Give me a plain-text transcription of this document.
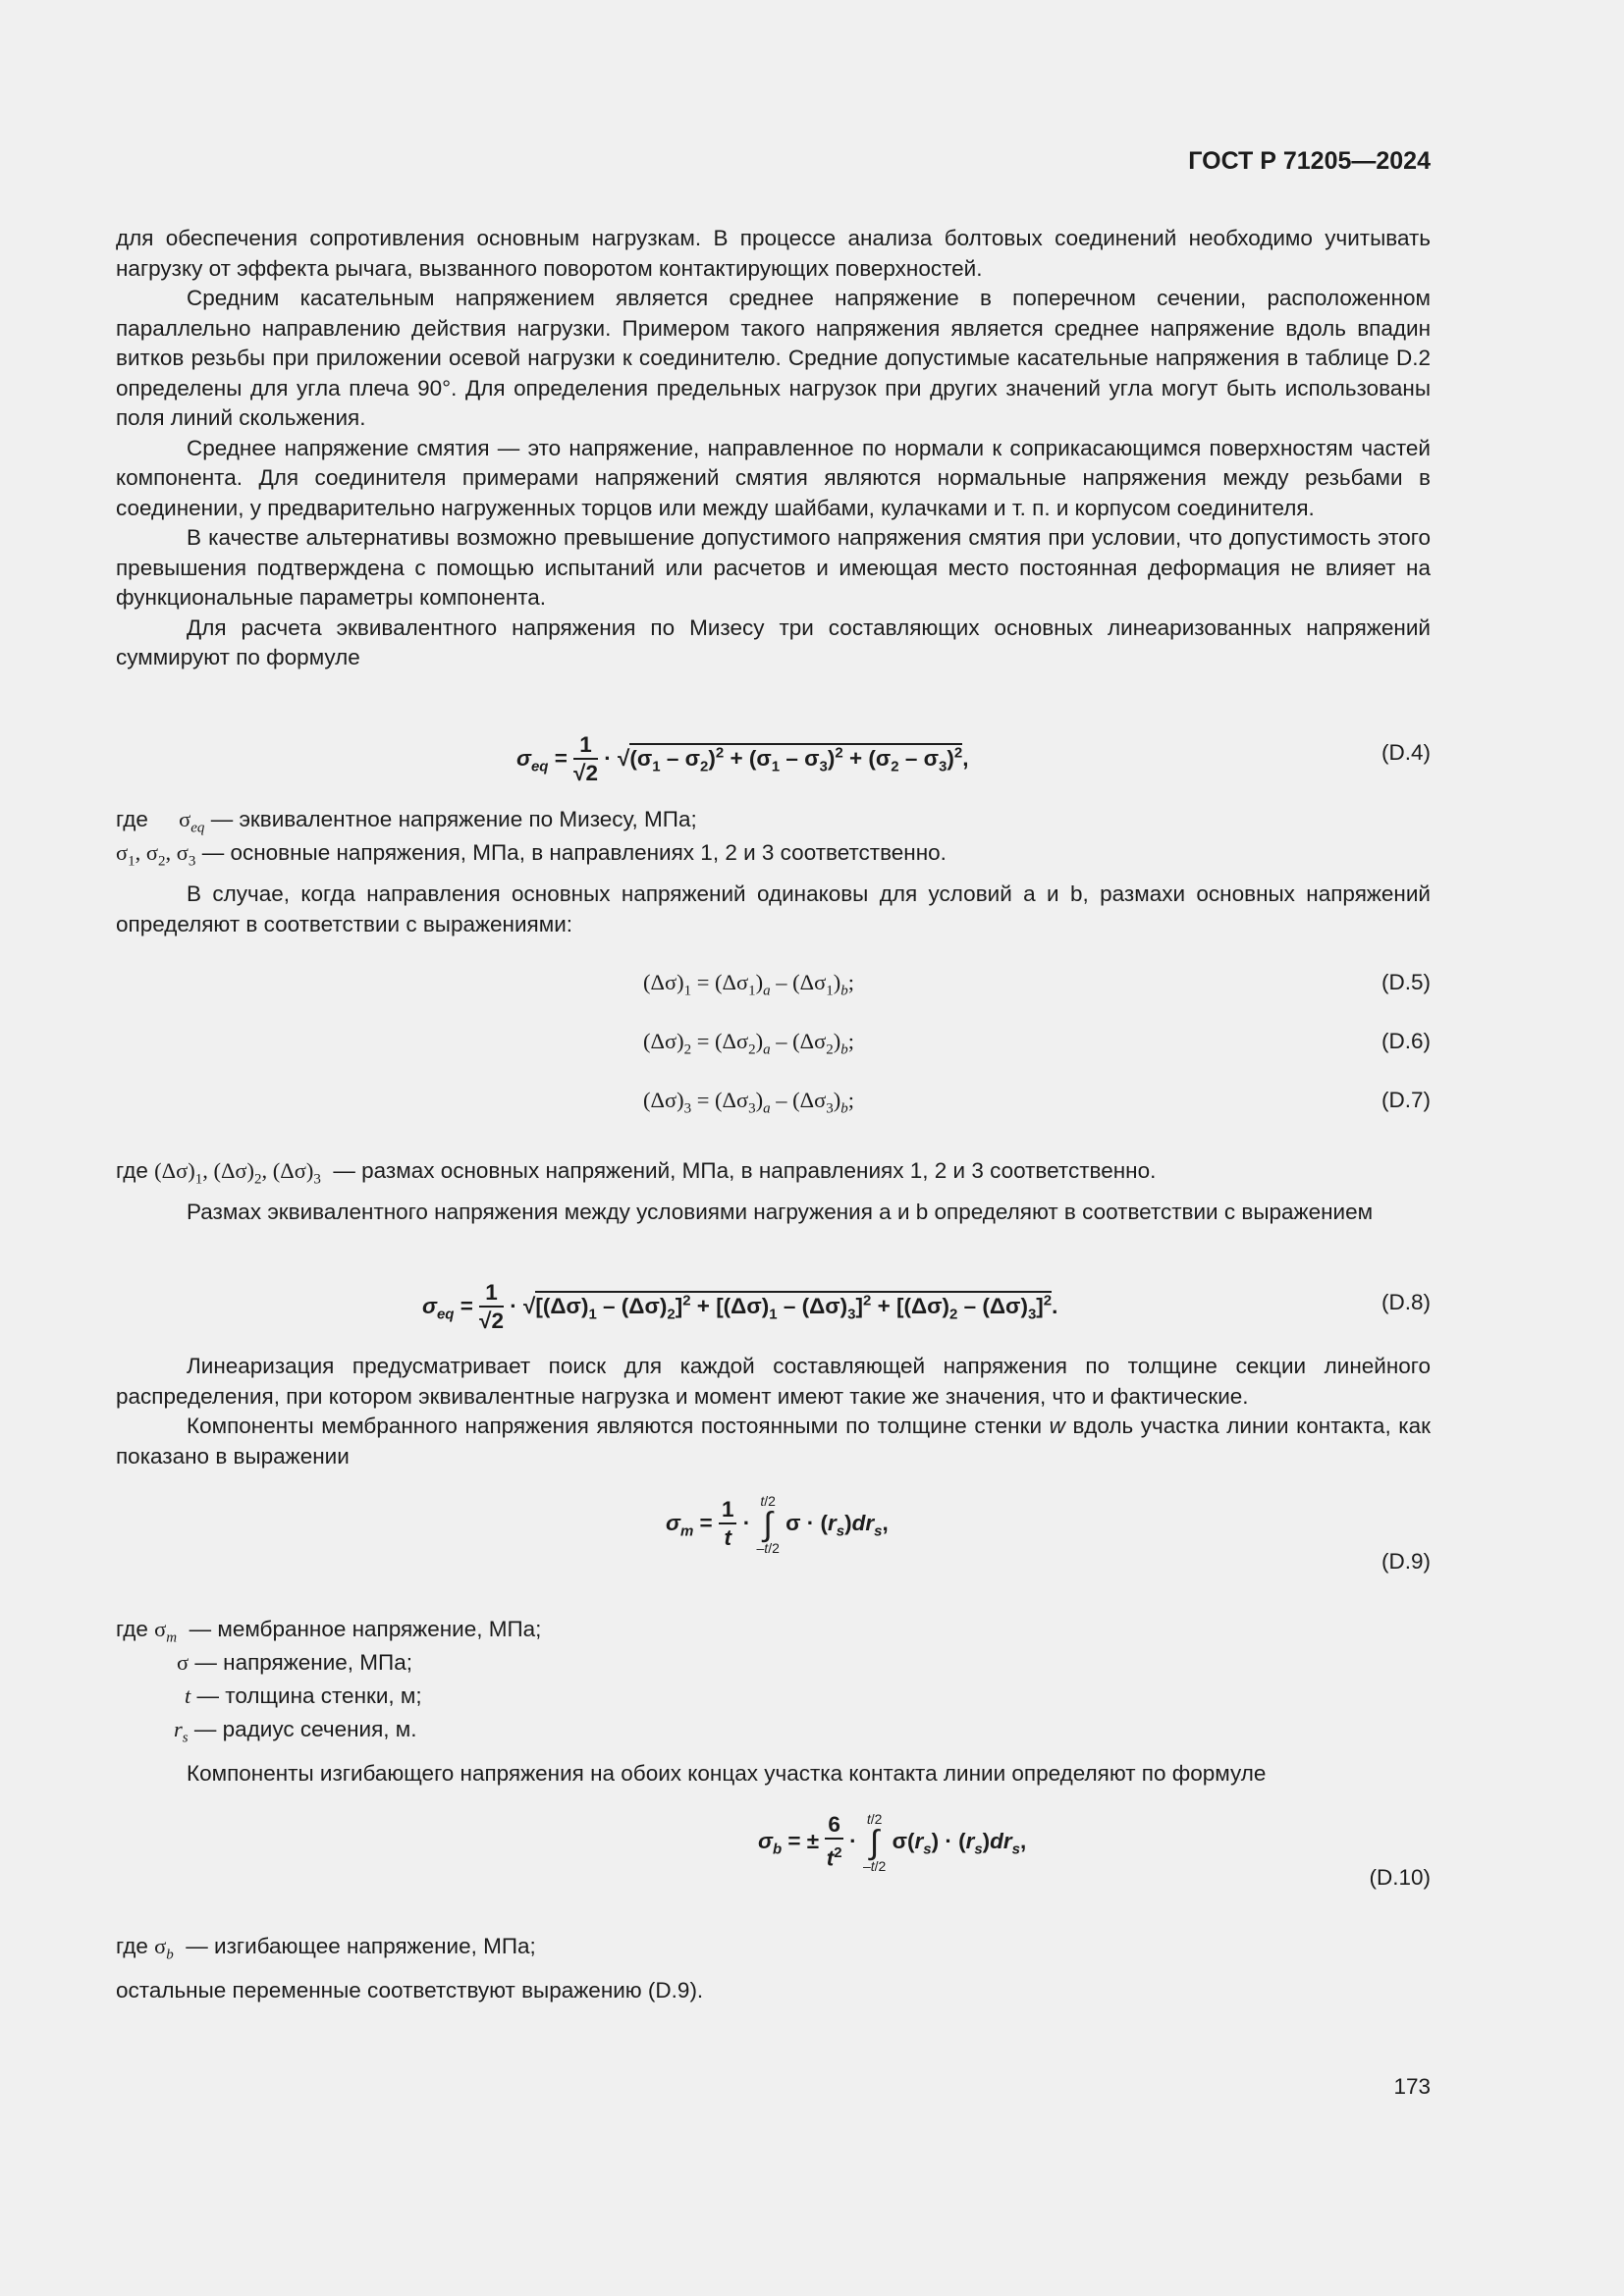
ГОСТ Р 71205—2024

для обеспечения сопротивления основным нагрузкам. В процессе анализа болтовых соединений необходимо учитывать нагрузку от эффекта рычага, вызванного поворотом контактирующих поверхностей.

Средним касательным напряжением является среднее напряжение в поперечном сечении, расположенном параллельно направлению действия нагрузки. Примером такого напряжения является среднее напряжение вдоль впадин витков резьбы при приложении осевой нагрузки к соединителю. Средние допустимые касательные напряжения в таблице D.2 определены для угла плеча 90°. Для определения предельных нагрузок при других значений угла могут быть использованы поля линий скольжения.

Среднее напряжение смятия — это напряжение, направленное по нормали к соприкасающимся поверхностям частей компонента. Для соединителя примерами напряжений смятия являются нормальные напряжения между резьбами в соединении, у предварительно нагруженных торцов или между шайбами, кулачками и т. п. и корпусом соединителя.

В качестве альтернативы возможно превышение допустимого напряжения смятия при условии, что допустимость этого превышения подтверждена с помощью испытаний или расчетов и имеющая место постоянная деформация не влияет на функциональные параметры компонента.

Для расчета эквивалентного напряжения по Мизесу три составляющих основных линеаризованных напряжений суммируют по формуле

$\sigma_{eq} = \frac{1}{√2} \cdot √(\sigma_1 - \sigma_2)^2 + (\sigma_1 - \sigma_3)^2 + (\sigma_2 - \sigma_3)^2$,	(D.4)
где $\sigma_{eq}$ — эквивалентное напряжение по Мизесу, МПа;
$\sigma_1$, $\sigma_2$, $\sigma_3$ — основные напряжения, МПа, в направлениях 1, 2 и 3 соответственно.

В случае, когда направления основных напряжений одинаковы для условий a и b, размахи основных напряжений определяют в соответствии с выражениями:

$(\Delta\sigma)_1 = (\Delta\sigma_1)_a - (\Delta\sigma_1)_b$;	(D.5)
$(\Delta\sigma)_2 = (\Delta\sigma_2)_a - (\Delta\sigma_2)_b$;	(D.6)
$(\Delta\sigma)_3 = (\Delta\sigma_3)_a - (\Delta\sigma_3)_b$;	(D.7)
где $(\Delta\sigma)_1$, $(\Delta\sigma)_2$, $(\Delta\sigma)_3$ — размах основных напряжений, МПа, в направлениях 1, 2 и 3 соответственно.

Размах эквивалентного напряжения между условиями нагружения a и b определяют в соответствии с выражением

$\sigma_{eq} = \frac{1}{√2} \cdot √[(\Delta\sigma)_1 - (\Delta\sigma)_2]^2 + [(\Delta\sigma)_1 - (\Delta\sigma)_3]^2 + [(\Delta\sigma)_2 - (\Delta\sigma)_3]^2$.	(D.8)

Линеаризация предусматривает поиск для каждой составляющей напряжения по толщине секции линейного распределения, при котором эквивалентные нагрузка и момент имеют такие же значения, что и фактические.

Компоненты мембранного напряжения являются постоянными по толщине стенки w вдоль участка линии контакта, как показано в выражении

$\sigma_m = \frac{1}{t} \cdot t/2$
∫
–t/2 $\sigma \cdot (r_s)dr_s$,
(D.9)
где $\sigma_m$ — мембранное напряжение, МПа;
σ — напряжение, МПа;
t — толщина стенки, м;
$r_s$ — радиус сечения, м.

Компоненты изгибающего напряжения на обоих концах участка контакта линии определяют по формуле

$\sigma_b$ = ± $\frac{6}{t^2} \cdot t/2$
∫
–t/2 $\sigma(r_s) \cdot (r_s)dr_s$,
(D.10)
где $\sigma_b$ — изгибающее напряжение, МПа;
остальные переменные соответствуют выражению (D.9).
173
